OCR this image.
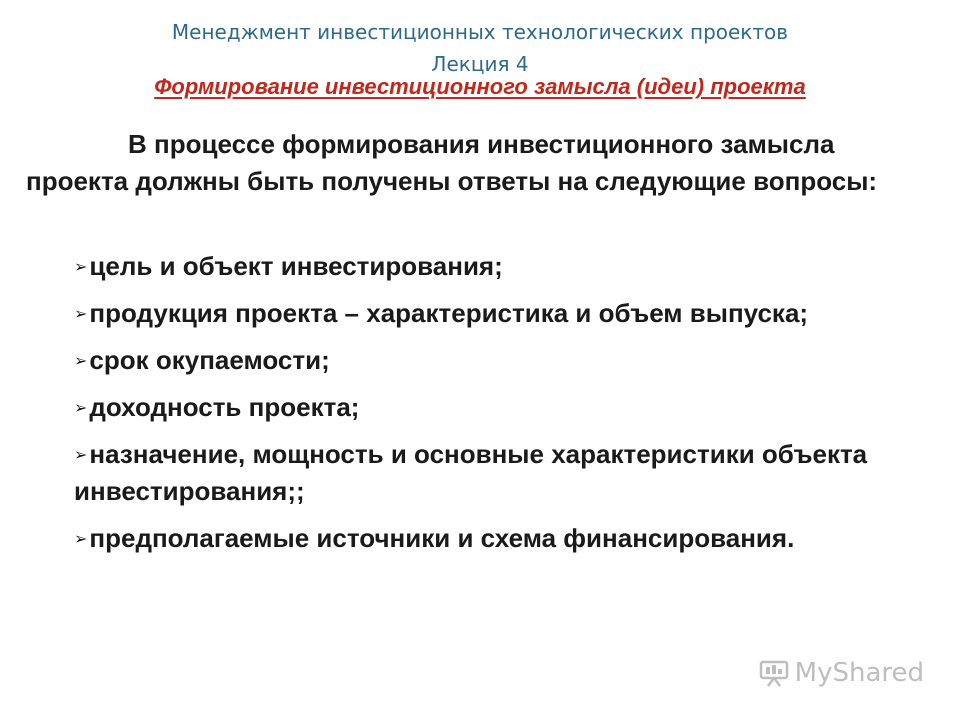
Менеджмент инвестиционных технологических проектов
Лекция 4
Формирование инвестиционного замысла (идеи) проекта
В процессе формирования инвестиционного замысла проекта должны быть получены ответы на следующие вопросы:
➢цель и объект инвестирования;
➢продукция проекта – характеристика и объем выпуска;
➢срок окупаемости;
➢доходность проекта;
➢назначение, мощность и основные характеристики объекта инвестирования;;
➢предполагаемые источники и схема финансирования.
MyShared
